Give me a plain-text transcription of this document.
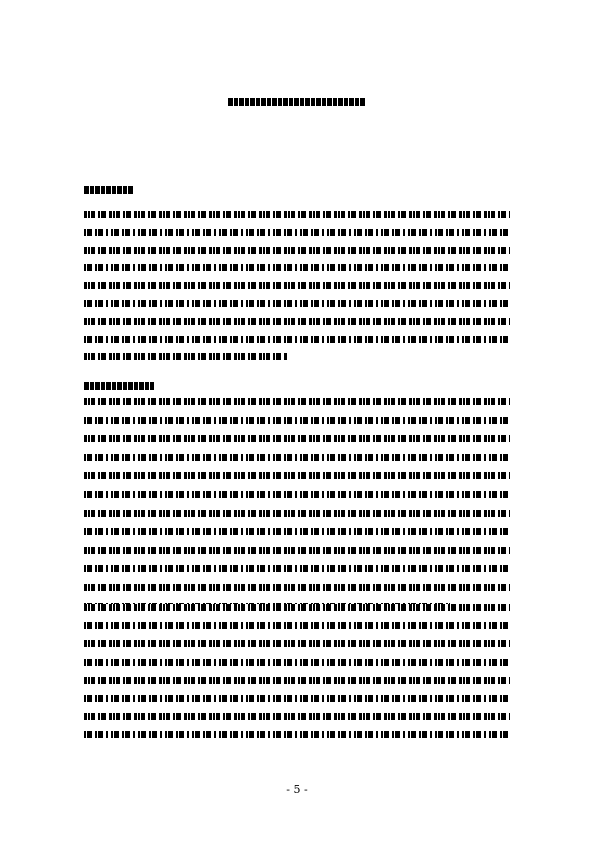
- 5 -
